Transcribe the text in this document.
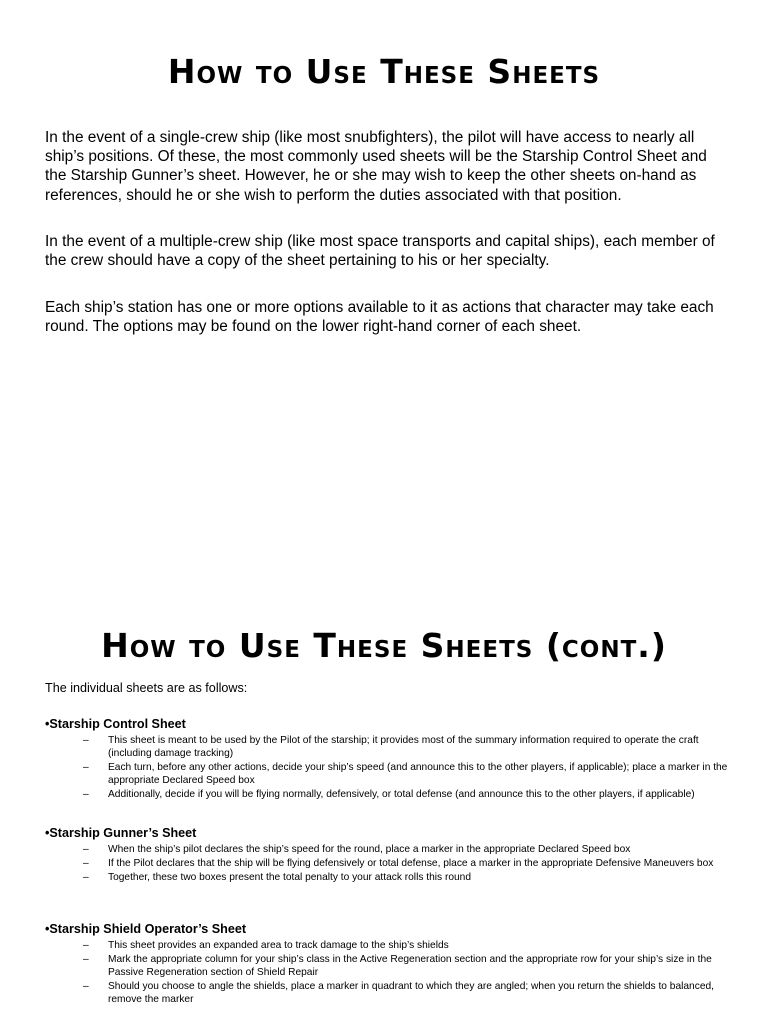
How to Use These Sheets

In the event of a single-crew ship (like most snubfighters), the pilot will have access to nearly all ship’s positions. Of these, the most commonly used sheets will be the Starship Control Sheet and the Starship Gunner’s sheet. However, he or she may wish to keep the other sheets on-hand as references, should he or she wish to perform the duties associated with that position.

In the event of a multiple-crew ship (like most space transports and capital ships), each member of the crew should have a copy of the sheet pertaining to his or her specialty.

Each ship’s station has one or more options available to it as actions that character may take each round. The options may be found on the lower right-hand corner of each sheet.

How to Use These Sheets (cont.)

The individual sheets are as follows:

•Starship Control Sheet
– This sheet is meant to be used by the Pilot of the starship; it provides most of the summary information required to operate the craft (including damage tracking)
– Each turn, before any other actions, decide your ship’s speed (and announce this to the other players, if applicable); place a marker in the appropriate Declared Speed box
– Additionally, decide if you will be flying normally, defensively, or total defense (and announce this to the other players, if applicable)
•Starship Gunner’s Sheet
– When the ship’s pilot declares the ship’s speed for the round, place a marker in the appropriate Declared Speed box
– If the Pilot declares that the ship will be flying defensively or total defense, place a marker in the appropriate Defensive Maneuvers box
– Together, these two boxes present the total penalty to your attack rolls this round
•Starship Shield Operator’s Sheet
– This sheet provides an expanded area to track damage to the ship’s shields
– Mark the appropriate column for your ship’s class in the Active Regeneration section and the appropriate row for your ship’s size in the Passive Regeneration section of Shield Repair
– Should you choose to angle the shields, place a marker in quadrant to which they are angled; when you return the shields to balanced, remove the marker
